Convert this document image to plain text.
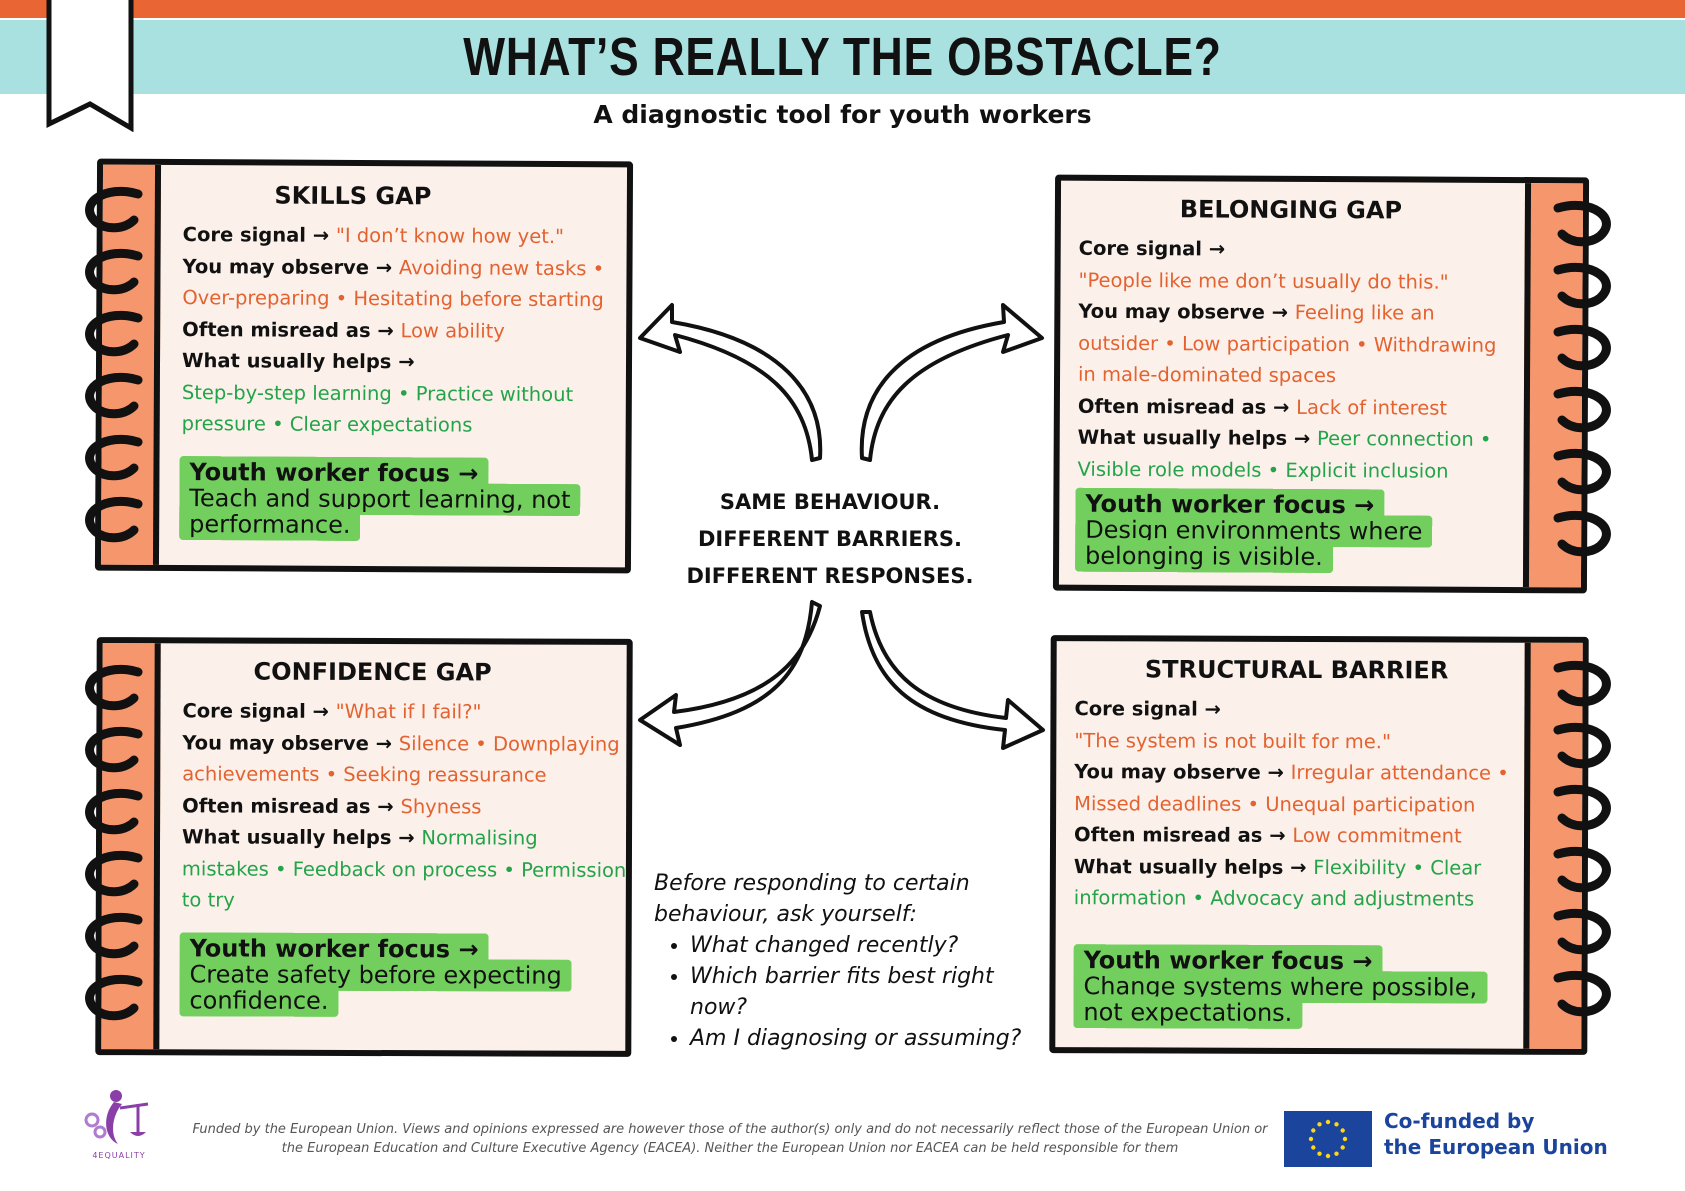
WHAT’S REALLY THE OBSTACLE?
A diagnostic tool for youth workers
SKILLS GAP
Core signal → "I don’t know how yet."
You may observe → Avoiding new tasks •
Over-preparing • Hesitating before starting
Often misread as → Low ability
What usually helps →
Step-by-step learning • Practice without
pressure • Clear expectations
Youth worker focus →
Teach and support learning, not performance.
BELONGING GAP
Core signal →
"People like me don’t usually do this."
You may observe → Feeling like an
outsider • Low participation • Withdrawing
in male-dominated spaces
Often misread as → Lack of interest
What usually helps → Peer connection •
Visible role models • Explicit inclusion
Youth worker focus →
Design environments where belonging is visible.
CONFIDENCE GAP
Core signal → "What if I fail?"
You may observe → Silence • Downplaying
achievements • Seeking reassurance
Often misread as → Shyness
What usually helps → Normalising
mistakes • Feedback on process • Permission
to try
Youth worker focus →
Create safety before expecting confidence.
STRUCTURAL BARRIER
Core signal →
"The system is not built for me."
You may observe → Irregular attendance •
Missed deadlines • Unequal participation
Often misread as → Low commitment
What usually helps → Flexibility • Clear
information • Advocacy and adjustments
Youth worker focus →
Change systems where possible, not expectations.
SAME BEHAVIOUR.
DIFFERENT BARRIERS.
DIFFERENT RESPONSES.
Before responding to certain behaviour, ask yourself:
• What changed recently?
• Which barrier fits best right now?
• Am I diagnosing or assuming?
4EQUALITY
Funded by the European Union. Views and opinions expressed are however those of the author(s) only and do not necessarily reflect those of the European Union or the European Education and Culture Executive Agency (EACEA). Neither the European Union nor EACEA can be held responsible for them
Co-funded by
the European Union
